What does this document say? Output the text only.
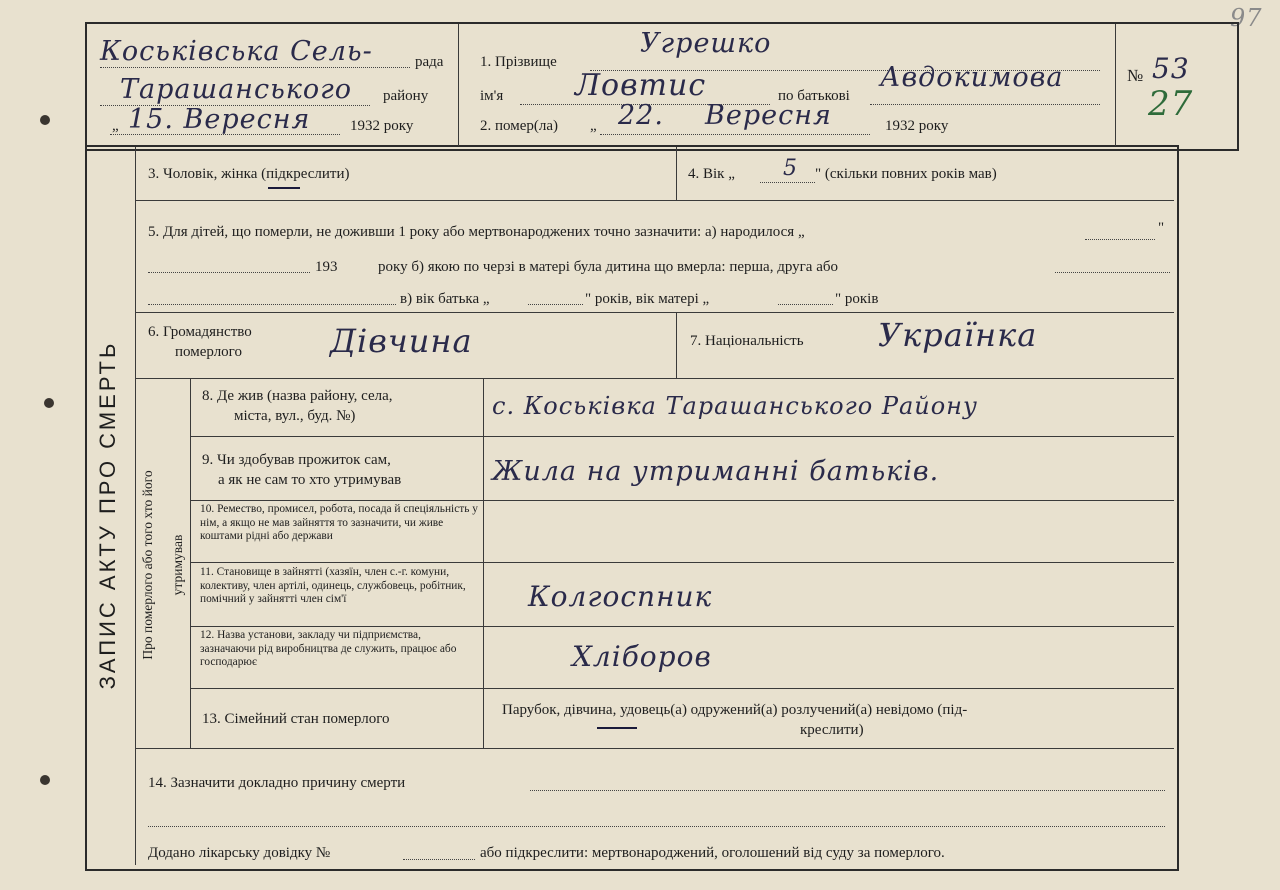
97
ЗАПИС АКТУ ПРО СМЕРТЬ	Про померлого або того хто його	утримував
Коськівська Сель-	рада
Тарашанського району
„ 15. Вересня	1932 року
1. Прізвище
Угрешко
ім'я Ловтис	по батькові
Авдокимова
2. помер(ла) „ 22. Вересня	1932 року
№ 53
27
3. Чоловік, жінка (підкреслити)	4. Вік „ 5 " (скільки повних років мав)
5. Для дітей, що померли, не доживши 1 року або мертвонароджених точно зазначити: а) народилося „	"
193	року б) якою по черзі в матері була дитина що вмерла: перша, друга або
в) вік батька „	" років, вік матері „	" років
6. Громадянство
померлого	Дівчина	7. Національність Українка
8. Де жив (назва району, села,
міста, вул., буд. №)	с. Коськівка Тарашанського Району
9. Чи здобував прожиток сам,
а як не сам то хто утримував	Жила на утриманні батьків.
10. Ремество, промисел, робота, посада й спеціяльність у нім, а якщо не мав зайняття то зазначити, чи живе коштами рідні або держави
11. Становище в зайнятті (хазяїн, член с.-г. комуни, колективу, член артілі, одинець, службовець, робітник, помічний у зайнятті член сім'ї	Колгоспник
12. Назва установи, закладу чи підприємства, зазначаючи рід виробництва де служить, працює або господарює	Хліборов
13. Сімейний стан померлого
Парубок, дівчина, удовець(а) одружений(а) розлучений(а) невідомо (під-
креслити)
14. Зазначити докладно причину смерти
Додано лікарську довідку №	або підкреслити: мертвонароджений, оголошений від суду за померлого.
